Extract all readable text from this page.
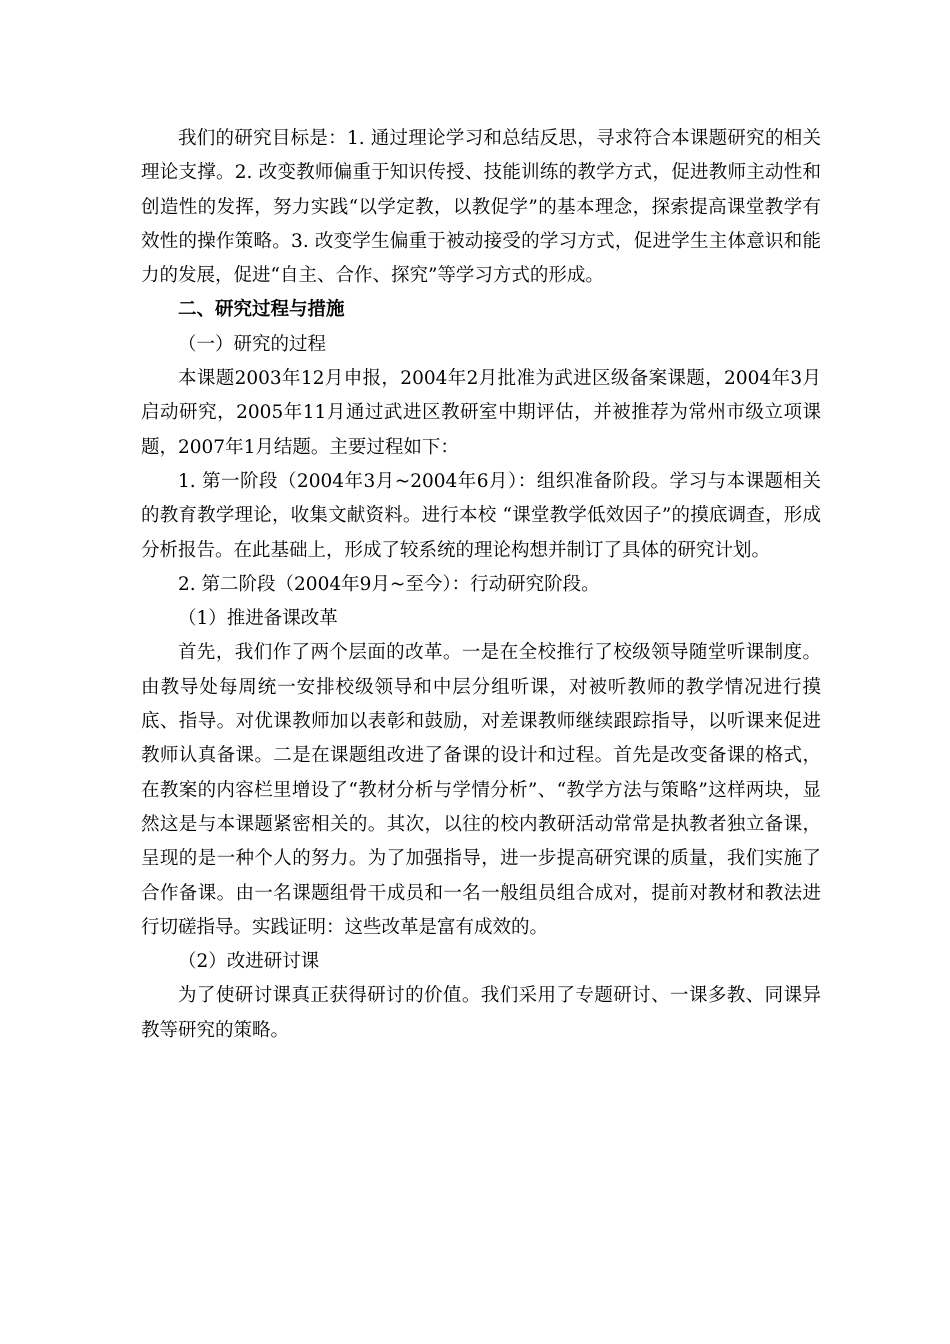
我们的研究目标是：1. 通过理论学习和总结反思，寻求符合本课题研究的相关理论支撑。2. 改变教师偏重于知识传授、技能训练的教学方式，促进教师主动性和创造性的发挥，努力实践“以学定教，以教促学”的基本理念，探索提高课堂教学有效性的操作策略。3. 改变学生偏重于被动接受的学习方式，促进学生主体意识和能力的发展，促进“自主、合作、探究”等学习方式的形成。

二、研究过程与措施

（一）研究的过程

本课题2003年12月申报，2004年2月批准为武进区级备案课题，2004年3月启动研究，2005年11月通过武进区教研室中期评估，并被推荐为常州市级立项课题，2007年1月结题。主要过程如下：

1. 第一阶段（2004年3月~2004年6月）：组织准备阶段。学习与本课题相关的教育教学理论，收集文献资料。进行本校 “课堂教学低效因子”的摸底调查，形成分析报告。在此基础上，形成了较系统的理论构想并制订了具体的研究计划。

2. 第二阶段（2004年9月~至今）：行动研究阶段。

（1）推进备课改革

首先，我们作了两个层面的改革。一是在全校推行了校级领导随堂听课制度。由教导处每周统一安排校级领导和中层分组听课，对被听教师的教学情况进行摸底、指导。对优课教师加以表彰和鼓励，对差课教师继续跟踪指导，以听课来促进教师认真备课。二是在课题组改进了备课的设计和过程。首先是改变备课的格式，在教案的内容栏里增设了“教材分析与学情分析”、“教学方法与策略”这样两块，显然这是与本课题紧密相关的。其次，以往的校内教研活动常常是执教者独立备课，呈现的是一种个人的努力。为了加强指导，进一步提高研究课的质量，我们实施了合作备课。由一名课题组骨干成员和一名一般组员组合成对，提前对教材和教法进行切磋指导。实践证明：这些改革是富有成效的。

（2）改进研讨课

为了使研讨课真正获得研讨的价值。我们采用了专题研讨、一课多教、同课异教等研究的策略。
